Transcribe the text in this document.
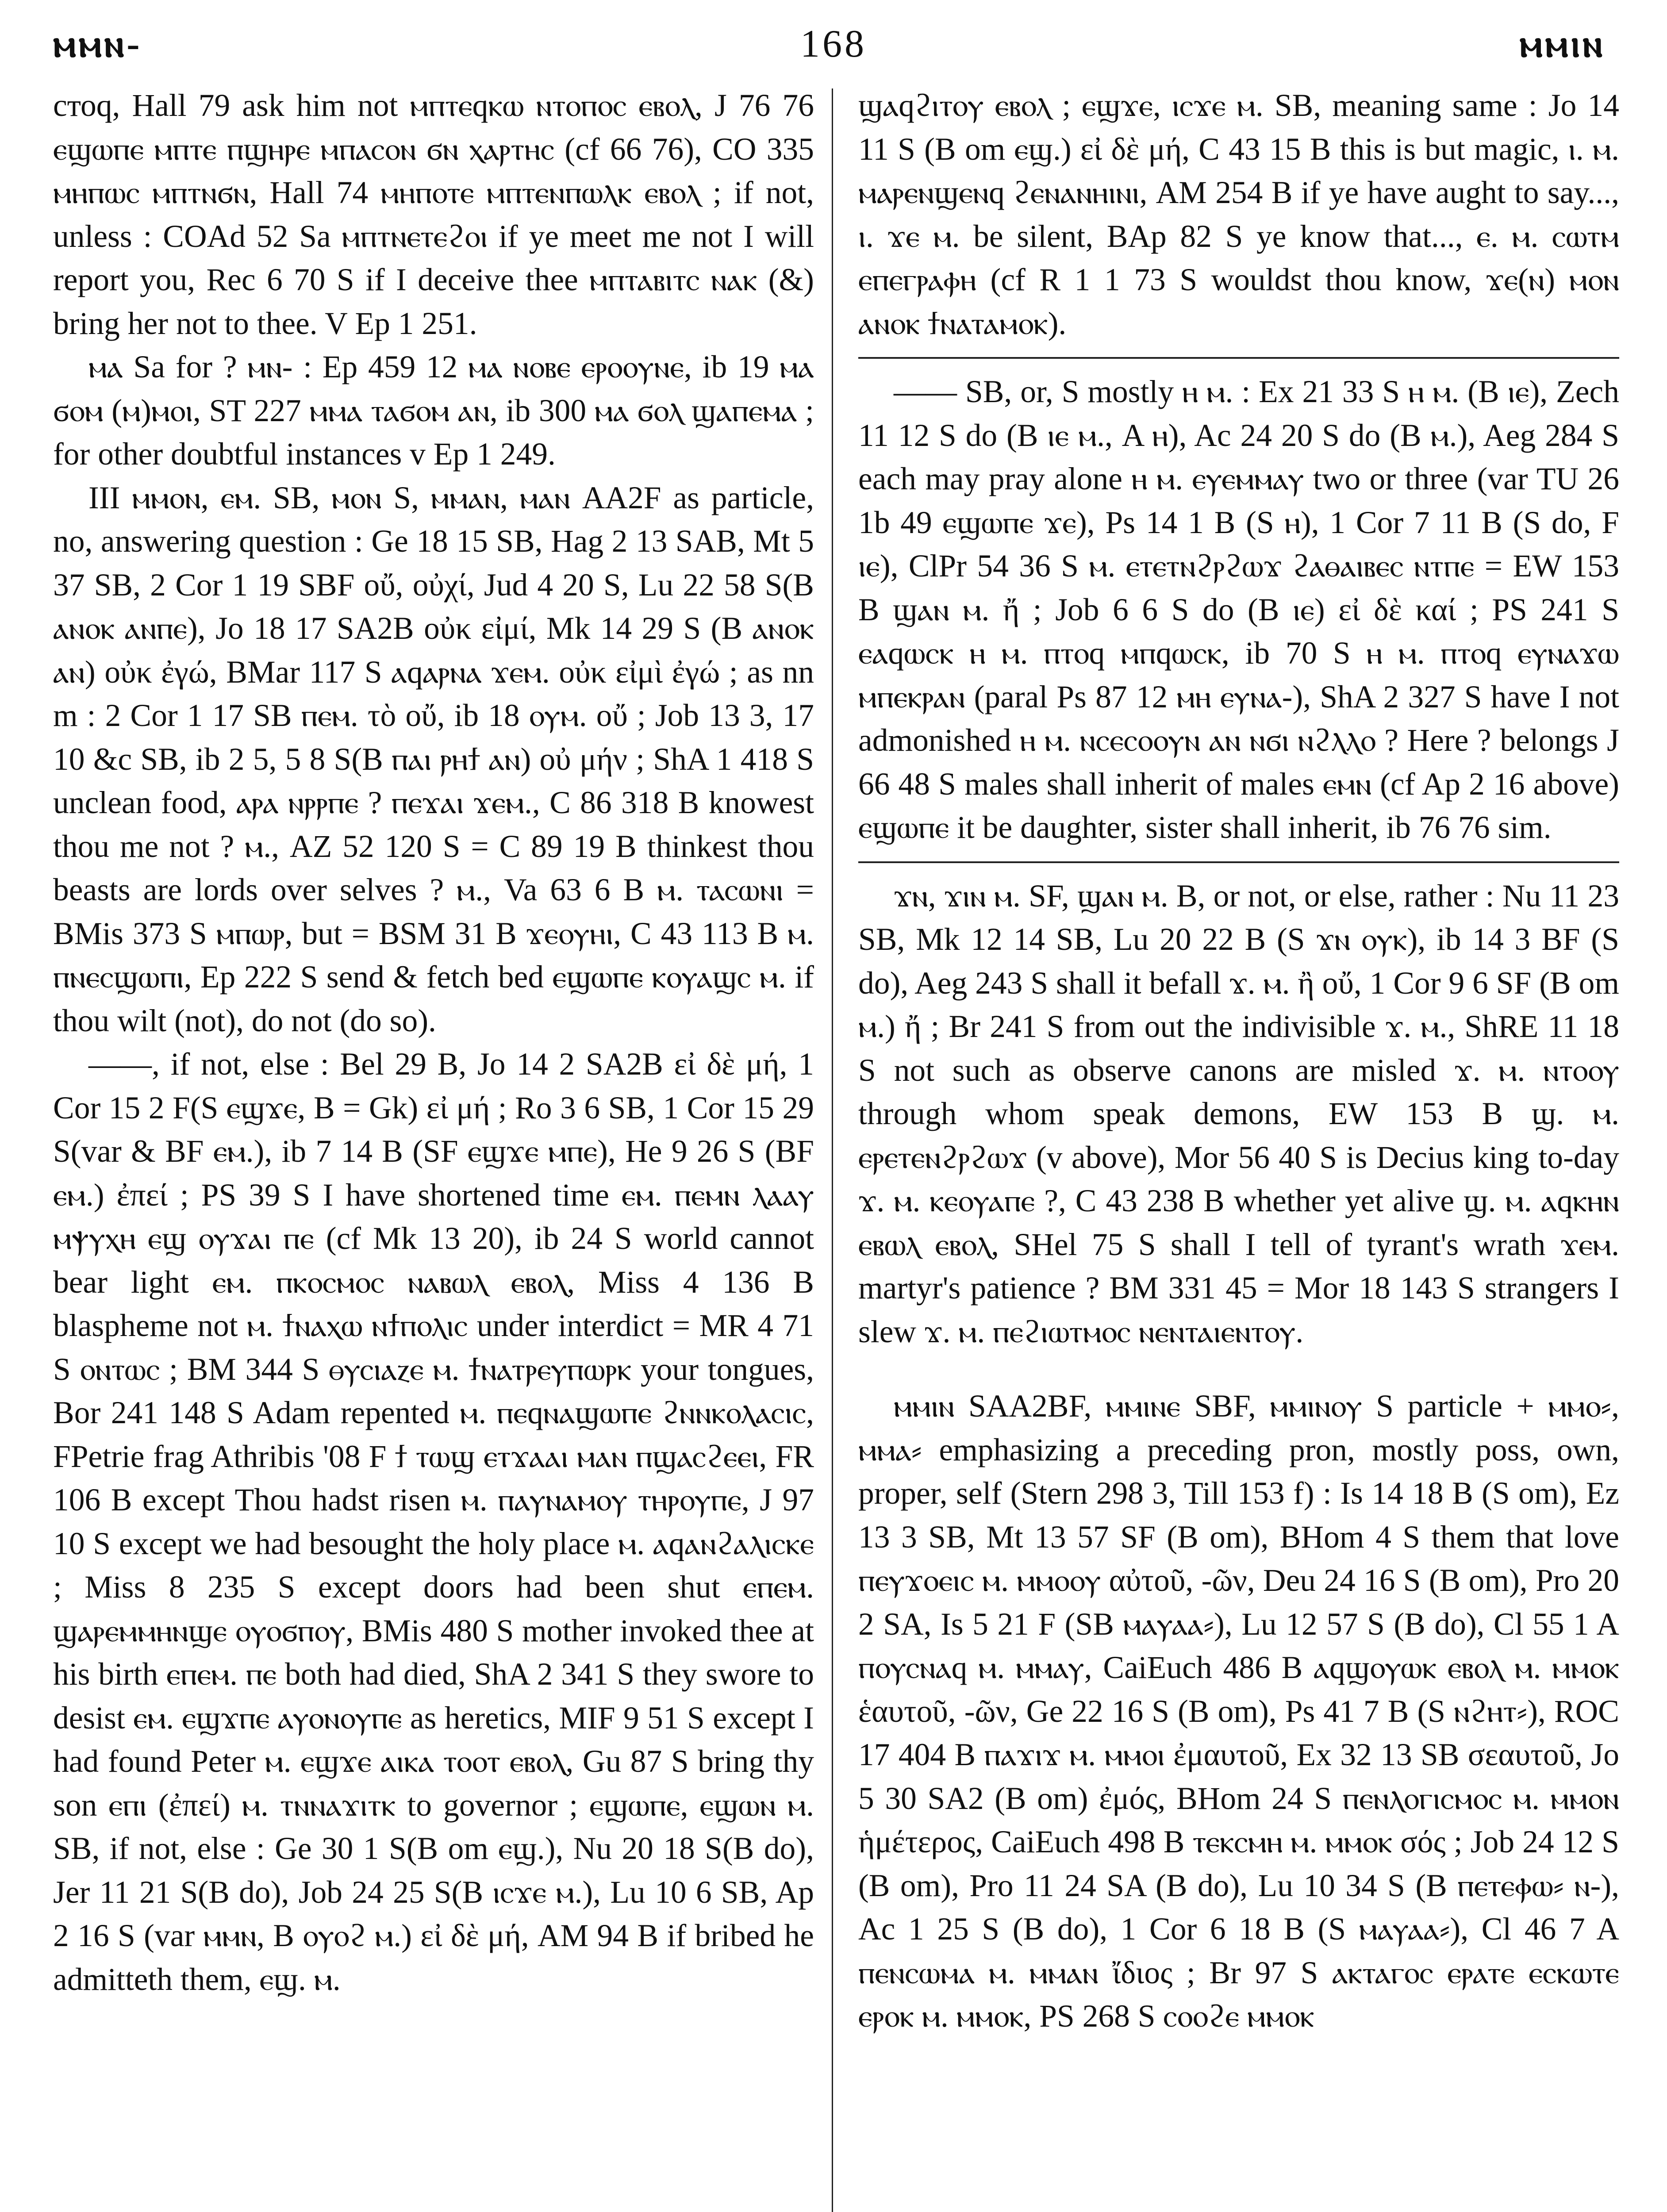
ⲙⲙⲛ-	168	ⲙⲙⲓⲛ

стоq, Hall 79 ask him not ⲙⲡⲧⲉqⲕⲱ ⲛⲧⲟⲡⲟⲥ ⲉⲃⲟⲗ, J 76 76 ⲉϣⲱⲡⲉ ⲙⲡⲧⲉ ⲡϣⲏⲣⲉ ⲙⲡⲁⲥⲟⲛ ϭⲛ ⲭⲁⲣⲧⲏⲥ (cf 66 76), CO 335 ⲙⲏⲡⲱⲥ ⲙⲡⲧⲛϭⲛ, Hall 74 ⲙⲏⲡⲟⲧⲉ ⲙⲡⲧⲉⲛⲡⲱⲗⲕ ⲉⲃⲟⲗ ; if not, unless : COAd 52 Sa ⲙⲡⲧⲛⲉⲧⲉϩⲟⲓ if ye meet me not I will report you, Rec 6 70 S if I deceive thee ⲙⲡⲧⲁⲃⲓⲧⲥ ⲛⲁⲕ (&) bring her not to thee. V Ep 1 251.

ⲙⲁ Sa for ? ⲙⲛ- : Ep 459 12 ⲙⲁ ⲛⲟⲃⲉ ⲉⲣⲟⲟⲩⲛⲉ, ib 19 ⲙⲁ ϭⲟⲙ (ⲙ)ⲙⲟⲓ, ST 227 ⲙⲙⲁ ⲧⲁϭⲟⲙ ⲁⲛ, ib 300 ⲙⲁ ϭⲟⲗ ϣⲁⲡⲉⲙⲁ ; for other doubtful instances v Ep 1 249.

III ⲙⲙⲟⲛ, ⲉⲙ. SB, ⲙⲟⲛ S, ⲙⲙⲁⲛ, ⲙⲁⲛ AA2F as particle, no, answering question : Ge 18 15 SB, Hag 2 13 SAB, Mt 5 37 SB, 2 Cor 1 19 SBF οὔ, οὐχί, Jud 4 20 S, Lu 22 58 S(B ⲁⲛⲟⲕ ⲁⲛⲡⲉ), Jo 18 17 SA2B οὐκ εἰμί, Mk 14 29 S (B ⲁⲛⲟⲕ ⲁⲛ) οὐκ ἐγώ, BMar 117 S ⲁqⲁⲣⲛⲁ ϫⲉⲙ. οὐκ εἰμὶ ἐγώ ; as nn m : 2 Cor 1 17 SB ⲡⲉⲙ. τὸ οὔ, ib 18 ⲟⲩⲙ. οὔ ; Job 13 3, 17 10 &c SB, ib 2 5, 5 8 S(B ⲡⲁⲓ ⲣⲏϯ ⲁⲛ) οὐ μήν ; ShA 1 418 S unclean food, ⲁⲣⲁ ⲛⲣⲣⲡⲉ ? ⲡⲉϫⲁⲓ ϫⲉⲙ., C 86 318 B knowest thou me not ? ⲙ., AZ 52 120 S = C 89 19 B thinkest thou beasts are lords over selves ? ⲙ., Va 63 6 B ⲙ. ⲧⲁⲥⲱⲛⲓ = BMis 373 S ⲙⲡⲱⲣ, but = BSM 31 B ϫⲉⲟⲩⲏⲓ, C 43 113 B ⲙ. ⲡⲛⲉⲥϣⲱⲡⲓ, Ep 222 S send & fetch bed ⲉϣⲱⲡⲉ ⲕⲟⲩⲁϣⲥ ⲙ. if thou wilt (not), do not (do so).

——, if not, else : Bel 29 B, Jo 14 2 SA2B εἰ δὲ μή, 1 Cor 15 2 F(S ⲉϣϫⲉ, B = Gk) εἰ μή ; Ro 3 6 SB, 1 Cor 15 29 S(var & BF ⲉⲙ.), ib 7 14 B (SF ⲉϣϫⲉ ⲙⲡⲉ), He 9 26 S (BF ⲉⲙ.) ἐπεί ; PS 39 S I have shortened time ⲉⲙ. ⲡⲉⲙⲛ ⲗⲁⲁⲩ ⲙⲯⲩⲭⲏ ⲉϣ ⲟⲩϫⲁⲓ ⲡⲉ (cf Mk 13 20), ib 24 S world cannot bear light ⲉⲙ. ⲡⲕⲟⲥⲙⲟⲥ ⲛⲁⲃⲱⲗ ⲉⲃⲟⲗ, Miss 4 136 B blaspheme not ⲙ. ϯⲛⲁⲭⲱ ⲛϯⲡⲟⲗⲓⲥ under interdict = MR 4 71 S ⲟⲛⲧⲱⲥ ; BM 344 S ⲑⲩⲥⲓⲁⲍⲉ ⲙ. ϯⲛⲁⲧⲣⲉⲩⲡⲱⲣⲕ your tongues, Bor 241 148 S Adam repented ⲙ. ⲡⲉqⲛⲁϣⲱⲡⲉ ϩⲛⲛⲕⲟⲗⲁⲥⲓⲥ, FPetrie frag Athribis '08 F ϯ ⲧⲱϣ ⲉⲧϫⲁⲁⲓ ⲙⲁⲛ ⲡϣⲁⲥϩⲉⲉⲓ, FR 106 B except Thou hadst risen ⲙ. ⲡⲁⲩⲛⲁⲙⲟⲩ ⲧⲏⲣⲟⲩⲡⲉ, J 97 10 S except we had besought the holy place ⲙ. ⲁqⲁⲛϩⲁⲗⲓⲥⲕⲉ ; Miss 8 235 S except doors had been shut ⲉⲡⲉⲙ. ϣⲁⲣⲉⲙⲙⲏⲛϣⲉ ⲟⲩⲟϭⲡⲟⲩ, BMis 480 S mother invoked thee at his birth ⲉⲡⲉⲙ. ⲡⲉ both had died, ShA 2 341 S they swore to desist ⲉⲙ. ⲉϣϫⲡⲉ ⲁⲩⲟⲛⲟⲩⲡⲉ as heretics, MIF 9 51 S except I had found Peter ⲙ. ⲉϣϫⲉ ⲁⲓⲕⲁ ⲧⲟⲟⲧ ⲉⲃⲟⲗ, Gu 87 S bring thy son ⲉⲡⲓ (ἐπεί) ⲙ. ⲧⲛⲛⲁϫⲓⲧⲕ to governor ; ⲉϣⲱⲡⲉ, ⲉϣⲱⲛ ⲙ. SB, if not, else : Ge 30 1 S(B om ⲉϣ.), Nu 20 18 S(B do), Jer 11 21 S(B do), Job 24 25 S(B ⲓⲥϫⲉ ⲙ.), Lu 10 6 SB, Ap 2 16 S (var ⲙⲙⲛ, B ⲟⲩⲟϩ ⲙ.) εἰ δὲ μή, AM 94 B if bribed he admitteth them, ⲉϣ. ⲙ.

ϣⲁqϩⲓⲧⲟⲩ ⲉⲃⲟⲗ ; ⲉϣϫⲉ, ⲓⲥϫⲉ ⲙ. SB, meaning same : Jo 14 11 S (B om ⲉϣ.) εἰ δὲ μή, C 43 15 B this is but magic, ⲓ. ⲙ. ⲙⲁⲣⲉⲛϣⲉⲛq ϩⲉⲛⲁⲛⲏⲓⲛⲓ, AM 254 B if ye have aught to say..., ⲓ. ϫⲉ ⲙ. be silent, BAp 82 S ye know that..., ⲉ. ⲙ. ⲥⲱⲧⲙ ⲉⲡⲉⲅⲣⲁⲫⲏ (cf R 1 1 73 S wouldst thou know, ϫⲉ(ⲛ) ⲙⲟⲛ ⲁⲛⲟⲕ ϯⲛⲁⲧⲁⲙⲟⲕ).

—— SB, or, S mostly ⲏ ⲙ. : Ex 21 33 S ⲏ ⲙ. (B ⲓⲉ), Zech 11 12 S do (B ⲓⲉ ⲙ., A ⲏ), Ac 24 20 S do (B ⲙ.), Aeg 284 S each may pray alone ⲏ ⲙ. ⲉⲩⲉⲙⲙⲁⲩ two or three (var TU 26 1b 49 ⲉϣⲱⲡⲉ ϫⲉ), Ps 14 1 B (S ⲏ), 1 Cor 7 11 B (S do, F ⲓⲉ), ClPr 54 36 S ⲙ. ⲉⲧⲉⲧⲛϩⲣϩⲱϫ ϩⲁⲑⲁⲓⲃⲉⲥ ⲛⲧⲡⲉ = EW 153 B ϣⲁⲛ ⲙ. ἤ ; Job 6 6 S do (B ⲓⲉ) εἰ δὲ καί ; PS 241 S ⲉⲁqⲱⲥⲕ ⲏ ⲙ. ⲡⲧⲟq ⲙⲡqⲱⲥⲕ, ib 70 S ⲏ ⲙ. ⲡⲧⲟq ⲉⲩⲛⲁϫⲱ ⲙⲡⲉⲕⲣⲁⲛ (paral Ps 87 12 ⲙⲏ ⲉⲩⲛⲁ-), ShA 2 327 S have I not admonished ⲏ ⲙ. ⲛⲥⲉⲥⲟⲟⲩⲛ ⲁⲛ ⲛϭⲓ ⲛϩⲗⲗⲟ ? Here ? belongs J 66 48 S males shall inherit of males ⲉⲙⲛ (cf Ap 2 16 above) ⲉϣⲱⲡⲉ it be daughter, sister shall inherit, ib 76 76 sim.

ϫⲛ, ϫⲓⲛ ⲙ. SF, ϣⲁⲛ ⲙ. B, or not, or else, rather : Nu 11 23 SB, Mk 12 14 SB, Lu 20 22 B (S ϫⲛ ⲟⲩⲕ), ib 14 3 BF (S do), Aeg 243 S shall it befall ϫ. ⲙ. ἢ οὔ, 1 Cor 9 6 SF (B om ⲙ.) ἤ ; Br 241 S from out the indivisible ϫ. ⲙ., ShRE 11 18 S not such as observe canons are misled ϫ. ⲙ. ⲛⲧⲟⲟⲩ through whom speak demons, EW 153 B ϣ. ⲙ. ⲉⲣⲉⲧⲉⲛϩⲣϩⲱϫ (v above), Mor 56 40 S is Decius king to-day ϫ. ⲙ. ⲕⲉⲟⲩⲁⲡⲉ ?, C 43 238 B whether yet alive ϣ. ⲙ. ⲁqⲕⲏⲛ ⲉⲃⲱⲗ ⲉⲃⲟⲗ, SHel 75 S shall I tell of tyrant's wrath ϫⲉⲙ. martyr's patience ? BM 331 45 = Mor 18 143 S strangers I slew ϫ. ⲙ. ⲡⲉϩⲓⲱⲧⲙⲟⲥ ⲛⲉⲛⲧⲁⲓⲉⲛⲧⲟⲩ.

ⲙⲙⲓⲛ SAA2BF, ⲙⲙⲓⲛⲉ SBF, ⲙⲙⲓⲛⲟⲩ S particle + ⲙⲙⲟ⸗, ⲙⲙⲁ⸗ emphasizing a preceding pron, mostly poss, own, proper, self (Stern 298 3, Till 153 f) : Is 14 18 B (S om), Ez 13 3 SB, Mt 13 57 SF (B om), BHom 4 S them that love ⲡⲉⲩϫⲟⲉⲓⲥ ⲙ. ⲙⲙⲟⲟⲩ αὐτοῦ, -ῶν, Deu 24 16 S (B om), Pro 20 2 SA, Is 5 21 F (SB ⲙⲁⲩⲁⲁ⸗), Lu 12 57 S (B do), Cl 55 1 A ⲡⲟⲩⲥⲛⲁq ⲙ. ⲙⲙⲁⲩ, CaiEuch 486 B ⲁqϣⲟⲩⲱⲕ ⲉⲃⲟⲗ ⲙ. ⲙⲙⲟⲕ ἑαυτοῦ, -ῶν, Ge 22 16 S (B om), Ps 41 7 B (S ⲛϩⲏⲧ⸗), ROC 17 404 B ⲡⲁϫⲓϫ ⲙ. ⲙⲙⲟⲓ ἐμαυτοῦ, Ex 32 13 SB σεαυτοῦ, Jo 5 30 SA2 (B om) ἐμός, BHom 24 S ⲡⲉⲛⲗⲟⲅⲓⲥⲙⲟⲥ ⲙ. ⲙⲙⲟⲛ ἡμέτερος, CaiEuch 498 B ⲧⲉⲕⲥⲙⲏ ⲙ. ⲙⲙⲟⲕ σός ; Job 24 12 S (B om), Pro 11 24 SA (B do), Lu 10 34 S (B ⲡⲉⲧⲉⲫⲱ⸗ ⲛ-), Ac 1 25 S (B do), 1 Cor 6 18 B (S ⲙⲁⲩⲁⲁ⸗), Cl 46 7 A ⲡⲉⲛⲥⲱⲙⲁ ⲙ. ⲙⲙⲁⲛ ἴδιος ; Br 97 S ⲁⲕⲧⲁⲅⲟⲥ ⲉⲣⲁⲧⲉ ⲉⲥⲕⲱⲧⲉ ⲉⲣⲟⲕ ⲙ. ⲙⲙⲟⲕ, PS 268 S ⲥⲟⲟϩⲉ ⲙⲙⲟⲕ
